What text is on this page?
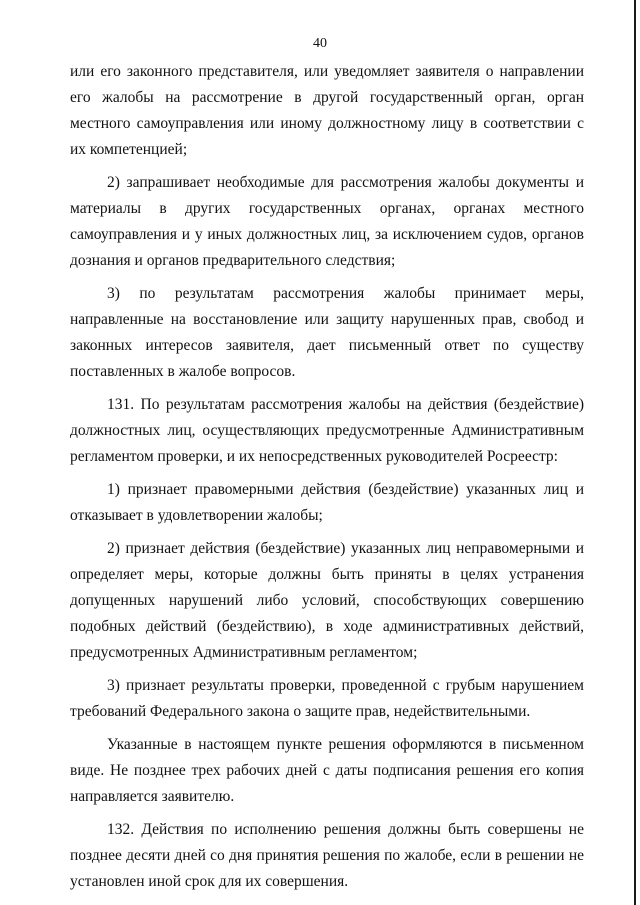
40

или его законного представителя, или уведомляет заявителя о направлении его жалобы на рассмотрение в другой государственный орган, орган местного самоуправления или иному должностному лицу в соответствии с их компетенцией;

2) запрашивает необходимые для рассмотрения жалобы документы и материалы в других государственных органах, органах местного самоуправления и у иных должностных лиц, за исключением судов, органов дознания и органов предварительного следствия;

3) по результатам рассмотрения жалобы принимает меры, направленные на восстановление или защиту нарушенных прав, свобод и законных интересов заявителя, дает письменный ответ по существу поставленных в жалобе вопросов.

131. По результатам рассмотрения жалобы на действия (бездействие) должностных лиц, осуществляющих предусмотренные Административным регламентом проверки, и их непосредственных руководителей Росреестр:

1) признает правомерными действия (бездействие) указанных лиц и отказывает в удовлетворении жалобы;

2) признает действия (бездействие) указанных лиц неправомерными и определяет меры, которые должны быть приняты в целях устранения допущенных нарушений либо условий, способствующих совершению подобных действий (бездействию), в ходе административных действий, предусмотренных Административным регламентом;

3) признает результаты проверки, проведенной с грубым нарушением требований Федерального закона о защите прав, недействительными.

Указанные в настоящем пункте решения оформляются в письменном виде. Не позднее трех рабочих дней с даты подписания решения его копия направляется заявителю.

132. Действия по исполнению решения должны быть совершены не позднее десяти дней со дня принятия решения по жалобе, если в решении не установлен иной срок для их совершения.
